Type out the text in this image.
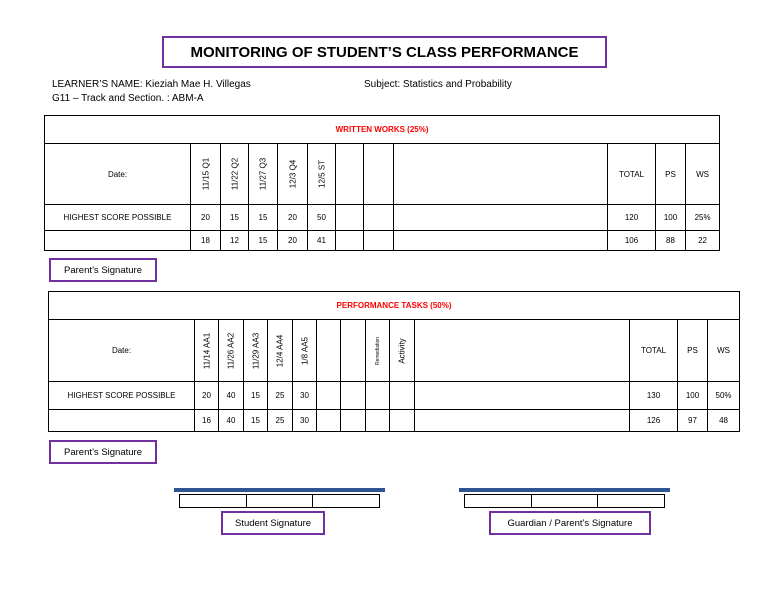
MONITORING OF STUDENT’S CLASS PERFORMANCE
LEARNER’S NAME: Kieziah Mae H. Villegas	Subject: Statistics and Probability
G11 – Track and Section. : ABM-A
WRITTEN WORKS (25%)											
Date:	11/15 Q1	11/22 Q2	11/27 Q3	12/3 Q4	12/5 ST				TOTAL	PS	WS
HIGHEST SCORE POSSIBLE	20	15	15	20	50				120	100	25%
	18	12	15	20	41				106	88	22
Parent’s Signature
PERFORMANCE TASKS (50%)													
Date:	11/14 AA1	11/26 AA2	11/29 AA3	12/4 AA4	1/8 AA5			Remediation	Activity		TOTAL	PS	WS
HIGHEST SCORE POSSIBLE	20	40	15	25	30						130	100	50%
	16	40	15	25	30						126	97	48
Parent’s Signature

Student Signature
			Guardian / Parent’s Signature
